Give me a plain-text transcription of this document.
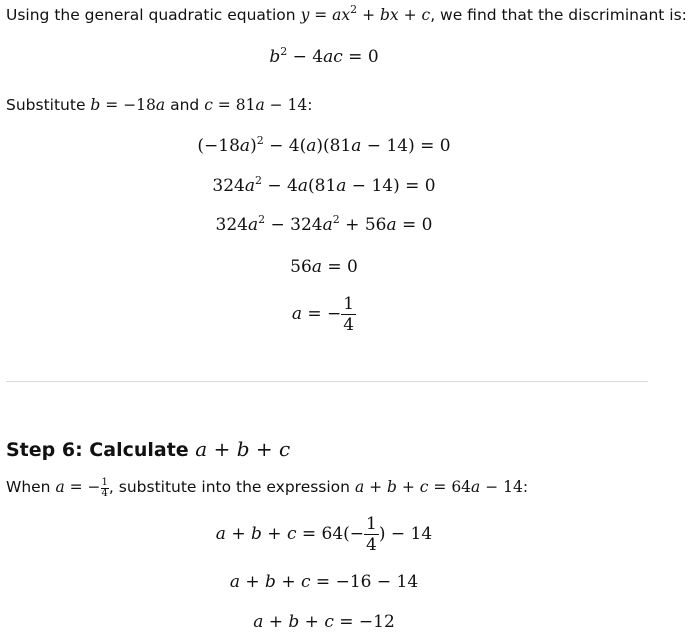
Using the general quadratic equation $y = ax^2$ + bx + c, we find that the discriminant is:
$b^2 - 4ac = 0$
Substitute b = −18a and c = 81a − 14:
$(-18a)^2 - 4(a)(81a - 14) = 0$
$324a^2 - 4a(81a - 14) = 0$
$324a^2 - 324a^2 + 56a = 0$
56a = 0
a = − $\frac{1}{4}$
Step 6: Calculate a + b + c
When a = − $\frac{1}{4}$ , substitute into the expression a + b + c = 64a − 14:
$a + b + c = 64(- \frac{1}{4}$ ) − 14
a + b + c = −16 − 14
a + b + c = −12
